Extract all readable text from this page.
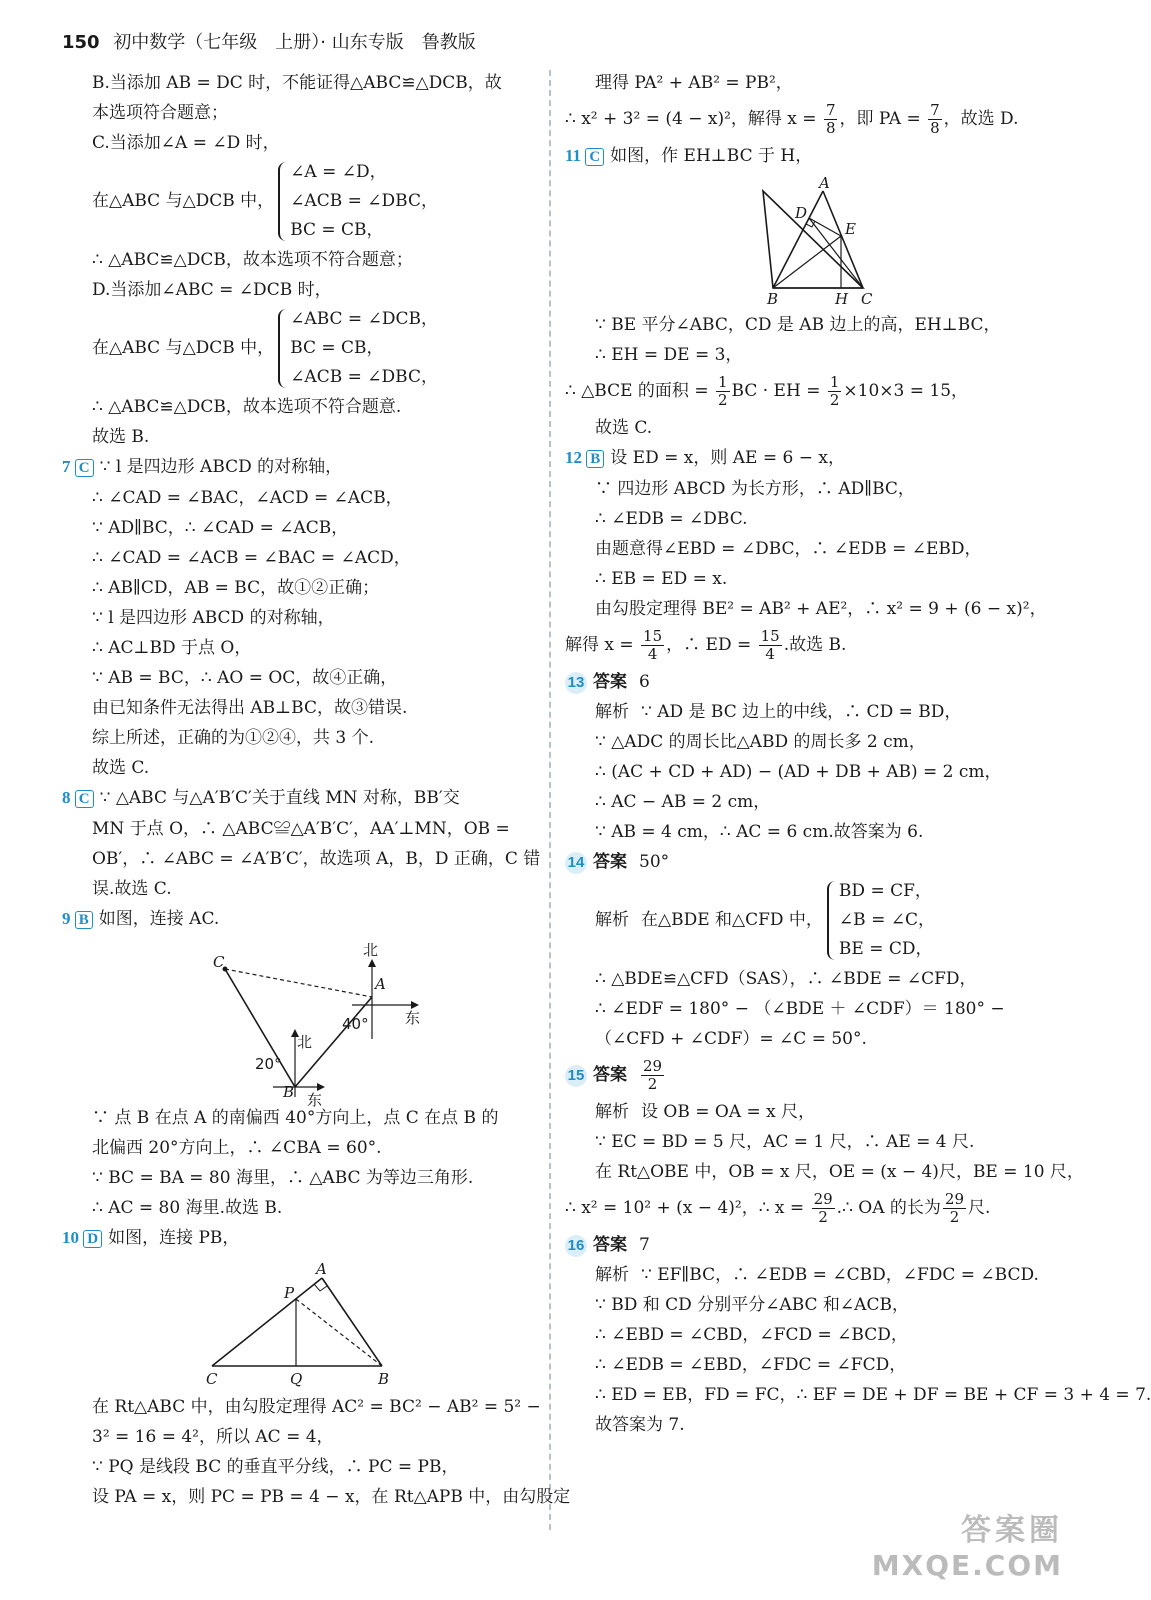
150 初中数学（七年级　上册）· 山东专版　鲁教版
B.当添加 AB = DC 时，不能证得△ABC≌△DCB，故
本选项符合题意；
C.当添加∠A = ∠D 时，
在△ABC 与△DCB 中，
∠A = ∠D，
∠ACB = ∠DBC，
BC = CB，
∴ △ABC≌△DCB，故本选项不符合题意；
D.当添加∠ABC = ∠DCB 时，
在△ABC 与△DCB 中，
∠ABC = ∠DCB，
BC = CB，
∠ACB = ∠DBC，
∴ △ABC≌△DCB，故本选项不符合题意.
故选 B.
7 C ∵ l 是四边形 ABCD 的对称轴，
∴ ∠CAD = ∠BAC，∠ACD = ∠ACB，
∵ AD∥BC，∴ ∠CAD = ∠ACB，
∴ ∠CAD = ∠ACB = ∠BAC = ∠ACD，
∴ AB∥CD，AB = BC，故①②正确；
∵ l 是四边形 ABCD 的对称轴，
∴ AC⊥BD 于点 O，
∵ AB = BC，∴ AO = OC，故④正确，
由已知条件无法得出 AB⊥BC，故③错误.
综上所述，正确的为①②④，共 3 个.
故选 C.
8 C ∵ △ABC 与△A′B′C′关于直线 MN 对称，BB′交
MN 于点 O，∴ △ABC≌△A′B′C′，AA′⊥MN，OB =
OB′，∴ ∠ABC = ∠A′B′C′，故选项 A，B，D 正确，C 错
误.故选 C.
9 B 如图，连接 AC.
C
A
B
北
东
北
东
40°
20°
∵ 点 B 在点 A 的南偏西 40°方向上，点 C 在点 B 的
北偏西 20°方向上，∴ ∠CBA = 60°.
∵ BC = BA = 80 海里，∴ △ABC 为等边三角形.
∴ AC = 80 海里.故选 B.
10 D 如图，连接 PB，
A
P
C	Q	B
在 Rt△ABC 中，由勾股定理得 AC² = BC² − AB² = 5² −
3² = 16 = 4²，所以 AC = 4，
∵ PQ 是线段 BC 的垂直平分线，∴ PC = PB，
设 PA = x，则 PC = PB = 4 − x，在 Rt△APB 中，由勾股定
理得 PA² + AB² = PB²，
∴ x² + 3² = (4 − x)²，解得 $x = \frac{7}{8}$ ，即 PA = $\frac{7}{8}$ ，故选 D.
11 C 如图，作 EH⊥BC 于 H，
A
D
E
B	H C
∵ BE 平分∠ABC，CD 是 AB 边上的高，EH⊥BC，
∴ EH = DE = 3，
∴ △BCE 的面积 = $\frac{1}{2}$ BC · EH = $\frac{1}{2} \times 10\times 3 = 15$，
故选 C.
12 B 设 ED = x，则 AE = 6 − x，
∵ 四边形 ABCD 为长方形，∴ AD∥BC，
∴ ∠EDB = ∠DBC.
由题意得∠EBD = ∠DBC，∴ ∠EDB = ∠EBD，
∴ EB = ED = x.
由勾股定理得 BE² = AB² + AE²，∴ x² = 9 + (6 − x)²，
解得 $x = \frac{15}{4}$ ，∴ ED = $\frac{15}{4}$ .故选 B.
13 答案 6
解析 ∵ AD 是 BC 边上的中线，∴ CD = BD，
∵ △ADC 的周长比△ABD 的周长多 2 cm，
∴ (AC + CD + AD) − (AD + DB + AB) = 2 cm，
∴ AC − AB = 2 cm，
∵ AB = 4 cm，∴ AC = 6 cm.故答案为 6.
14 答案 50°
解析 在△BDE 和△CFD 中，
BD = CF，
∠B = ∠C，
BE = CD，
∴ △BDE≌△CFD（SAS），∴ ∠BDE = ∠CFD，
∴ ∠EDF = 180° − （∠BDE ＋ ∠CDF）＝ 180° −
（∠CFD + ∠CDF）= ∠C = 50°.
15 答案 $\frac{29}{2}$
解析 设 OB = OA = x 尺，
∵ EC = BD = 5 尺，AC = 1 尺，∴ AE = 4 尺.
在 Rt△OBE 中，OB = x 尺，OE = (x − 4)尺，BE = 10 尺，
∴ x² = 10² + (x − 4)²，∴ $x = \frac{29}{2}$ .∴ OA 的长为 $\frac{29}{2}$ 尺.
16 答案 7
解析 ∵ EF∥BC，∴ ∠EDB = ∠CBD，∠FDC = ∠BCD.
∵ BD 和 CD 分别平分∠ABC 和∠ACB，
∴ ∠EBD = ∠CBD，∠FCD = ∠BCD，
∴ ∠EDB = ∠EBD，∠FDC = ∠FCD，
∴ ED = EB，FD = FC，∴ EF = DE + DF = BE + CF = 3 + 4 = 7.
故答案为 7.
答案圈
MXQE.COM
